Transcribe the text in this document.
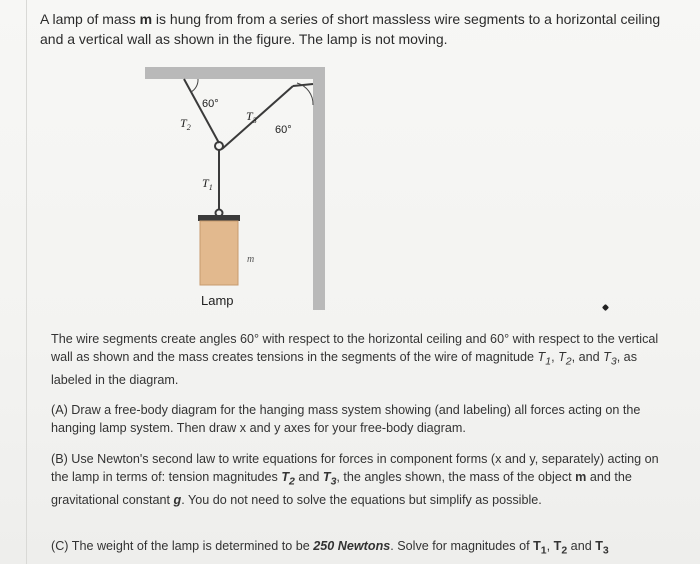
A lamp of mass m is hung from from a series of short massless wire segments to a horizontal ceiling and a vertical wall as shown in the figure. The lamp is not moving.

60°
60°
$T_2$
$T_3$
$T_1$
m
Lamp

The wire segments create angles 60° with respect to the horizontal ceiling and 60° with respect to the vertical wall as shown and the mass creates tensions in the segments of the wire of magnitude $T_1$, $T_2$, and $T_3$, as labeled in the diagram.

(A) Draw a free-body diagram for the hanging mass system showing (and labeling) all forces acting on the hanging lamp system. Then draw x and y axes for your free-body diagram.

(B) Use Newton's second law to write equations for forces in component forms (x and y, separately) acting on the lamp in terms of: tension magnitudes $T_2$ and $T_3$, the angles shown, the mass of the object m and the gravitational constant g. You do not need to solve the equations but simplify as possible.

(C) The weight of the lamp is determined to be 250 Newtons. Solve for magnitudes of $T_1$, $T_2$ and $T_3$
